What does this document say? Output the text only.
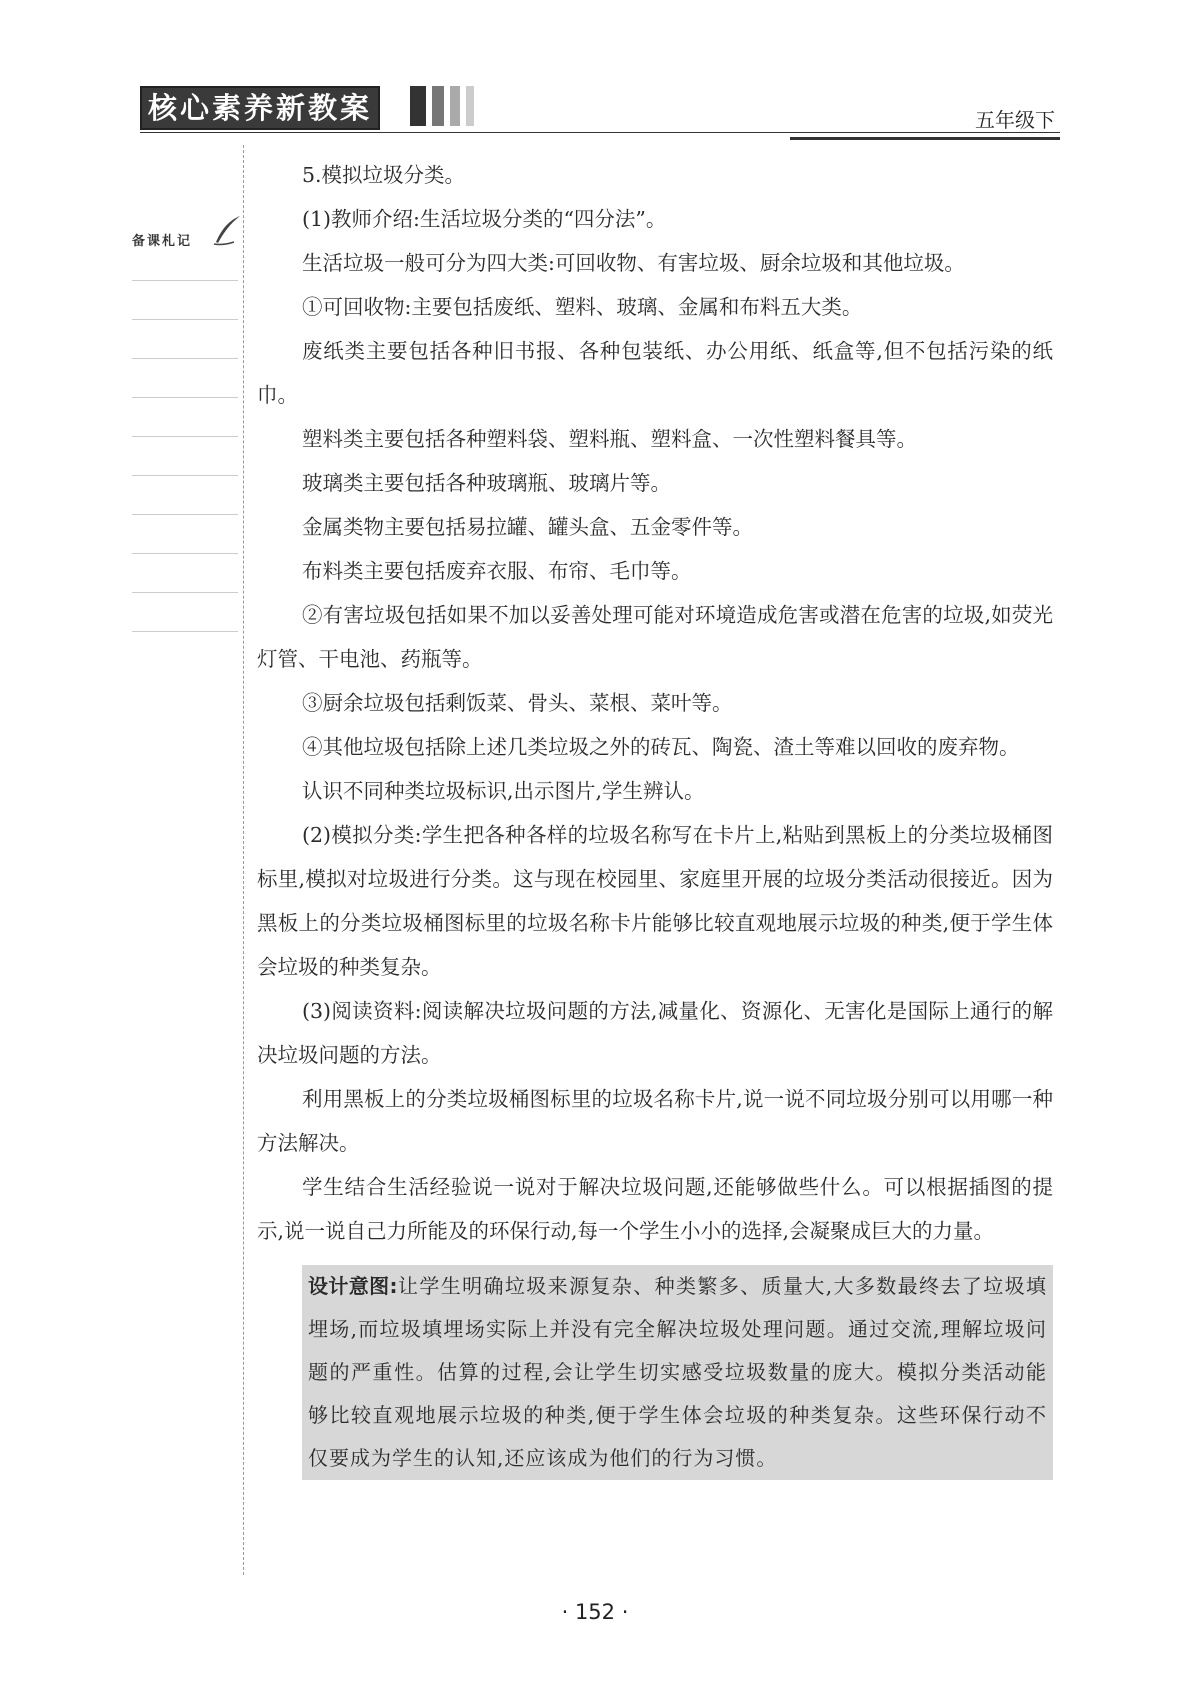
核心素养新教案	五年级下
备课札记

5.模拟垃圾分类。

(1)教师介绍:生活垃圾分类的“四分法”。

生活垃圾一般可分为四大类:可回收物、有害垃圾、厨余垃圾和其他垃圾。

①可回收物:主要包括废纸、塑料、玻璃、金属和布料五大类。

废纸类主要包括各种旧书报、各种包装纸、办公用纸、纸盒等,但不包括污染的纸巾。

塑料类主要包括各种塑料袋、塑料瓶、塑料盒、一次性塑料餐具等。

玻璃类主要包括各种玻璃瓶、玻璃片等。

金属类物主要包括易拉罐、罐头盒、五金零件等。

布料类主要包括废弃衣服、布帘、毛巾等。

②有害垃圾包括如果不加以妥善处理可能对环境造成危害或潜在危害的垃圾,如荧光灯管、干电池、药瓶等。

③厨余垃圾包括剩饭菜、骨头、菜根、菜叶等。

④其他垃圾包括除上述几类垃圾之外的砖瓦、陶瓷、渣土等难以回收的废弃物。

认识不同种类垃圾标识,出示图片,学生辨认。

(2)模拟分类:学生把各种各样的垃圾名称写在卡片上,粘贴到黑板上的分类垃圾桶图标里,模拟对垃圾进行分类。这与现在校园里、家庭里开展的垃圾分类活动很接近。因为黑板上的分类垃圾桶图标里的垃圾名称卡片能够比较直观地展示垃圾的种类,便于学生体会垃圾的种类复杂。

(3)阅读资料:阅读解决垃圾问题的方法,减量化、资源化、无害化是国际上通行的解决垃圾问题的方法。

利用黑板上的分类垃圾桶图标里的垃圾名称卡片,说一说不同垃圾分别可以用哪一种方法解决。

学生结合生活经验说一说对于解决垃圾问题,还能够做些什么。可以根据插图的提示,说一说自己力所能及的环保行动,每一个学生小小的选择,会凝聚成巨大的力量。

设计意图:让学生明确垃圾来源复杂、种类繁多、质量大,大多数最终去了垃圾填埋场,而垃圾填埋场实际上并没有完全解决垃圾处理问题。通过交流,理解垃圾问题的严重性。估算的过程,会让学生切实感受垃圾数量的庞大。模拟分类活动能够比较直观地展示垃圾的种类,便于学生体会垃圾的种类复杂。这些环保行动不仅要成为学生的认知,还应该成为他们的行为习惯。
· 152 ·
